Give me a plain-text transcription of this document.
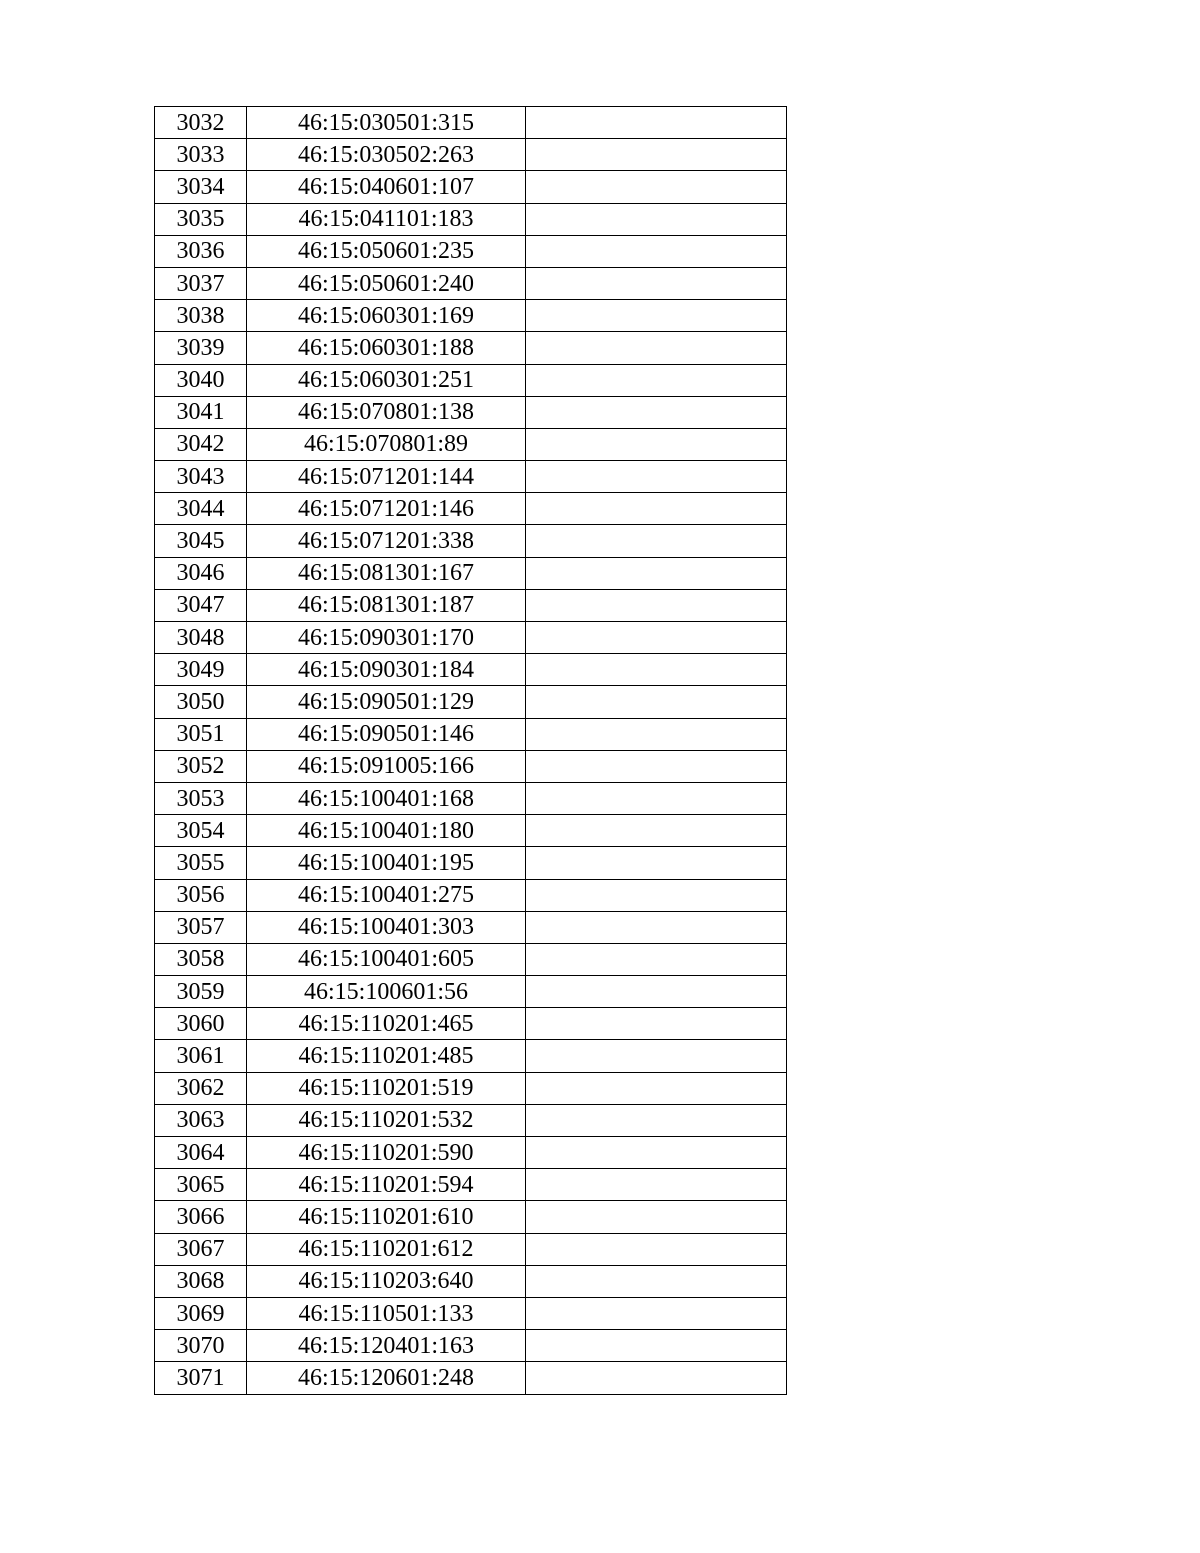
3032	46:15:030501:315	
3033	46:15:030502:263	
3034	46:15:040601:107	
3035	46:15:041101:183	
3036	46:15:050601:235	
3037	46:15:050601:240	
3038	46:15:060301:169	
3039	46:15:060301:188	
3040	46:15:060301:251	
3041	46:15:070801:138	
3042	46:15:070801:89	
3043	46:15:071201:144	
3044	46:15:071201:146	
3045	46:15:071201:338	
3046	46:15:081301:167	
3047	46:15:081301:187	
3048	46:15:090301:170	
3049	46:15:090301:184	
3050	46:15:090501:129	
3051	46:15:090501:146	
3052	46:15:091005:166	
3053	46:15:100401:168	
3054	46:15:100401:180	
3055	46:15:100401:195	
3056	46:15:100401:275	
3057	46:15:100401:303	
3058	46:15:100401:605	
3059	46:15:100601:56	
3060	46:15:110201:465	
3061	46:15:110201:485	
3062	46:15:110201:519	
3063	46:15:110201:532	
3064	46:15:110201:590	
3065	46:15:110201:594	
3066	46:15:110201:610	
3067	46:15:110201:612	
3068	46:15:110203:640	
3069	46:15:110501:133	
3070	46:15:120401:163	
3071	46:15:120601:248	
